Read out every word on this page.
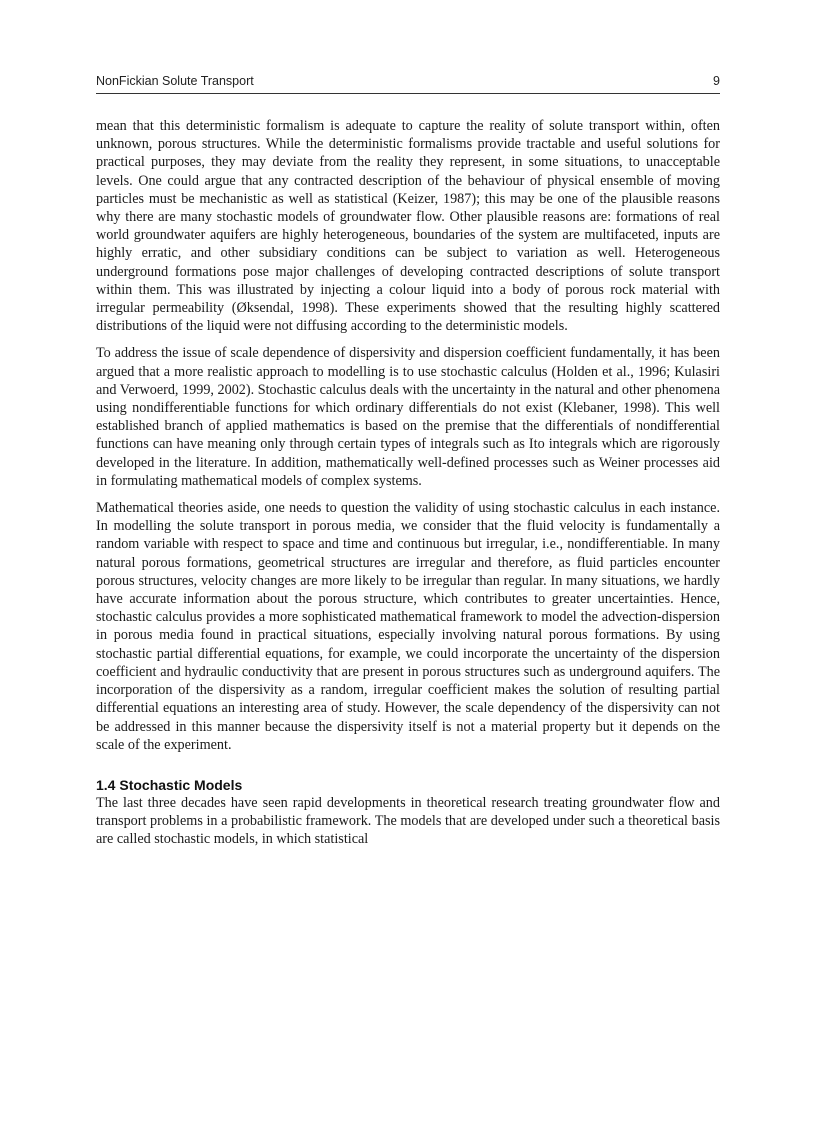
NonFickian Solute Transport	9

mean that this deterministic formalism is adequate to capture the reality of solute transport within, often unknown, porous structures. While the deterministic formalisms provide tractable and useful solutions for practical purposes, they may deviate from the reality they represent, in some situations, to unacceptable levels. One could argue that any contracted description of the behaviour of physical ensemble of moving particles must be mechanistic as well as statistical (Keizer, 1987); this may be one of the plausible reasons why there are many stochastic models of groundwater flow. Other plausible reasons are: formations of real world groundwater aquifers are highly heterogeneous, boundaries of the system are multifaceted, inputs are highly erratic, and other subsidiary conditions can be subject to variation as well. Heterogeneous underground formations pose major challenges of developing contracted descriptions of solute transport within them. This was illustrated by injecting a colour liquid into a body of porous rock material with irregular permeability (Øksendal, 1998). These experiments showed that the resulting highly scattered distributions of the liquid were not diffusing according to the deterministic models.

To address the issue of scale dependence of dispersivity and dispersion coefficient fundamentally, it has been argued that a more realistic approach to modelling is to use stochastic calculus (Holden et al., 1996; Kulasiri and Verwoerd, 1999, 2002). Stochastic calculus deals with the uncertainty in the natural and other phenomena using nondifferentiable functions for which ordinary differentials do not exist (Klebaner, 1998). This well established branch of applied mathematics is based on the premise that the differentials of nondifferential functions can have meaning only through certain types of integrals such as Ito integrals which are rigorously developed in the literature. In addition, mathematically well-defined processes such as Weiner processes aid in formulating mathematical models of complex systems.

Mathematical theories aside, one needs to question the validity of using stochastic calculus in each instance. In modelling the solute transport in porous media, we consider that the fluid velocity is fundamentally a random variable with respect to space and time and continuous but irregular, i.e., nondifferentiable. In many natural porous formations, geometrical structures are irregular and therefore, as fluid particles encounter porous structures, velocity changes are more likely to be irregular than regular. In many situations, we hardly have accurate information about the porous structure, which contributes to greater uncertainties. Hence, stochastic calculus provides a more sophisticated mathematical framework to model the advection-dispersion in porous media found in practical situations, especially involving natural porous formations. By using stochastic partial differential equations, for example, we could incorporate the uncertainty of the dispersion coefficient and hydraulic conductivity that are present in porous structures such as underground aquifers. The incorporation of the dispersivity as a random, irregular coefficient makes the solution of resulting partial differential equations an interesting area of study. However, the scale dependency of the dispersivity can not be addressed in this manner because the dispersivity itself is not a material property but it depends on the scale of the experiment.

1.4 Stochastic Models

The last three decades have seen rapid developments in theoretical research treating groundwater flow and transport problems in a probabilistic framework. The models that are developed under such a theoretical basis are called stochastic models, in which statistical
